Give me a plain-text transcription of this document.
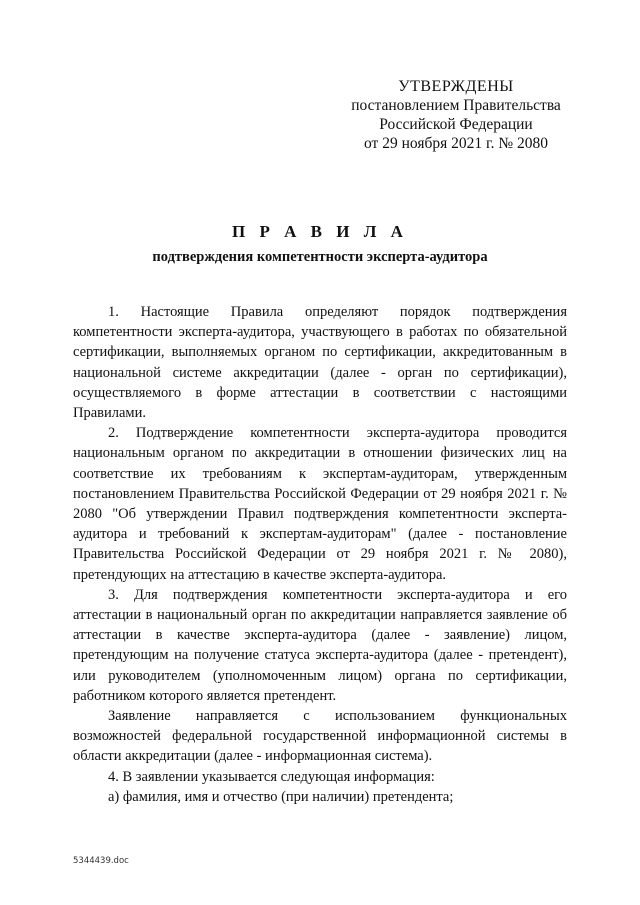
УТВЕРЖДЕНЫ
постановлением Правительства
Российской Федерации
от 29 ноября 2021 г. № 2080
П Р А В И Л А
подтверждения компетентности эксперта-аудитора

1. Настоящие Правила определяют порядок подтверждения компетентности эксперта-аудитора, участвующего в работах по обязательной сертификации, выполняемых органом по сертификации, аккредитованным в национальной системе аккредитации (далее - орган по сертификации), осуществляемого в форме аттестации в соответствии с настоящими Правилами.

2. Подтверждение компетентности эксперта-аудитора проводится национальным органом по аккредитации в отношении физических лиц на соответствие их требованиям к экспертам-аудиторам, утвержденным постановлением Правительства Российской Федерации от 29 ноября 2021 г. № 2080 "Об утверждении Правил подтверждения компетентности эксперта-аудитора и требований к экспертам-аудиторам" (далее - постановление Правительства Российской Федерации от 29 ноября 2021 г. № 2080), претендующих на аттестацию в качестве эксперта-аудитора.

3. Для подтверждения компетентности эксперта-аудитора и его аттестации в национальный орган по аккредитации направляется заявление об аттестации в качестве эксперта-аудитора (далее - заявление) лицом, претендующим на получение статуса эксперта-аудитора (далее - претендент), или руководителем (уполномоченным лицом) органа по сертификации, работником которого является претендент.

Заявление направляется с использованием функциональных возможностей федеральной государственной информационной системы в области аккредитации (далее - информационная система).

4. В заявлении указывается следующая информация:

а) фамилия, имя и отчество (при наличии) претендента;

5344439.doc
